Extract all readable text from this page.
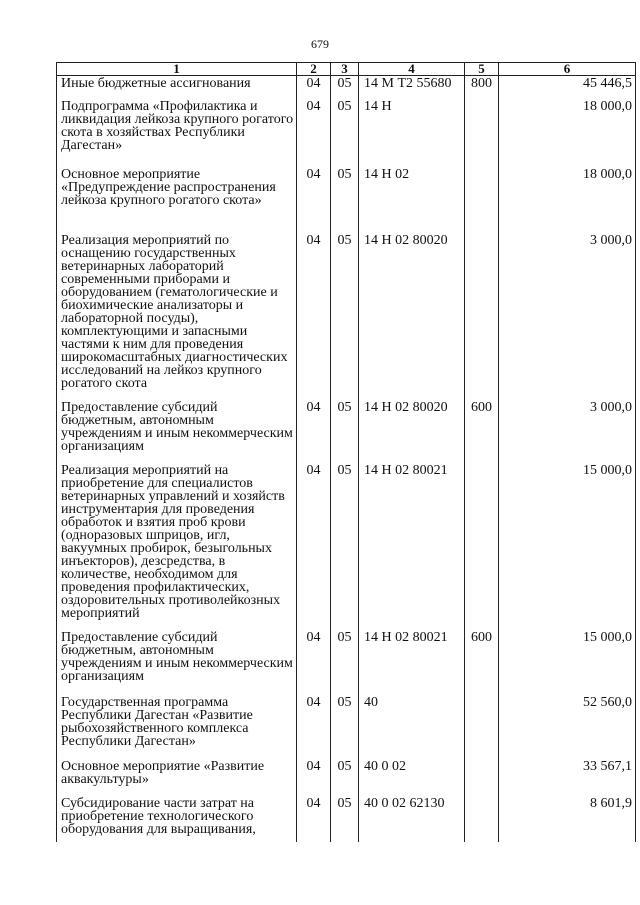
679
1	2	3	4	5	6
Иные бюджетные ассигнования	04	05	14 М Т2 55680	800	45 446,5
Подпрограмма «Профилактика и ликвидация лейкоза крупного рогатого скота в хозяйствах Республики Дагестан»	04	05	14 Н		18 000,0
Основное мероприятие «Предупреждение распространения лейкоза крупного рогатого скота»	04	05	14 Н 02		18 000,0
Реализация мероприятий по оснащению государственных ветеринарных лабораторий современными приборами и оборудованием (гематологические и биохимические анализаторы и лабораторной посуды), комплектующими и запасными частями к ним для проведения широкомасштабных диагностических исследований на лейкоз крупного рогатого скота	04	05	14 Н 02 80020		3 000,0
Предоставление субсидий бюджетным, автономным учреждениям и иным некоммерческим организациям	04	05	14 Н 02 80020	600	3 000,0
Реализация мероприятий на приобретение для специалистов ветеринарных управлений и хозяйств инструментария для проведения обработок и взятия проб крови (одноразовых шприцов, игл, вакуумных пробирок, безыгольных инъекторов), дезсредства, в количестве, необходимом для проведения профилактических, оздоровительных противолейкозных мероприятий	04	05	14 Н 02 80021		15 000,0
Предоставление субсидий бюджетным, автономным учреждениям и иным некоммерческим организациям	04	05	14 Н 02 80021	600	15 000,0
Государственная программа Республики Дагестан «Развитие рыбохозяйственного комплекса Республики Дагестан»	04	05	40		52 560,0
Основное мероприятие «Развитие аквакультуры»	04	05	40 0 02		33 567,1
Субсидирование части затрат на приобретение технологического оборудования для выращивания,	04	05	40 0 02 62130		8 601,9
